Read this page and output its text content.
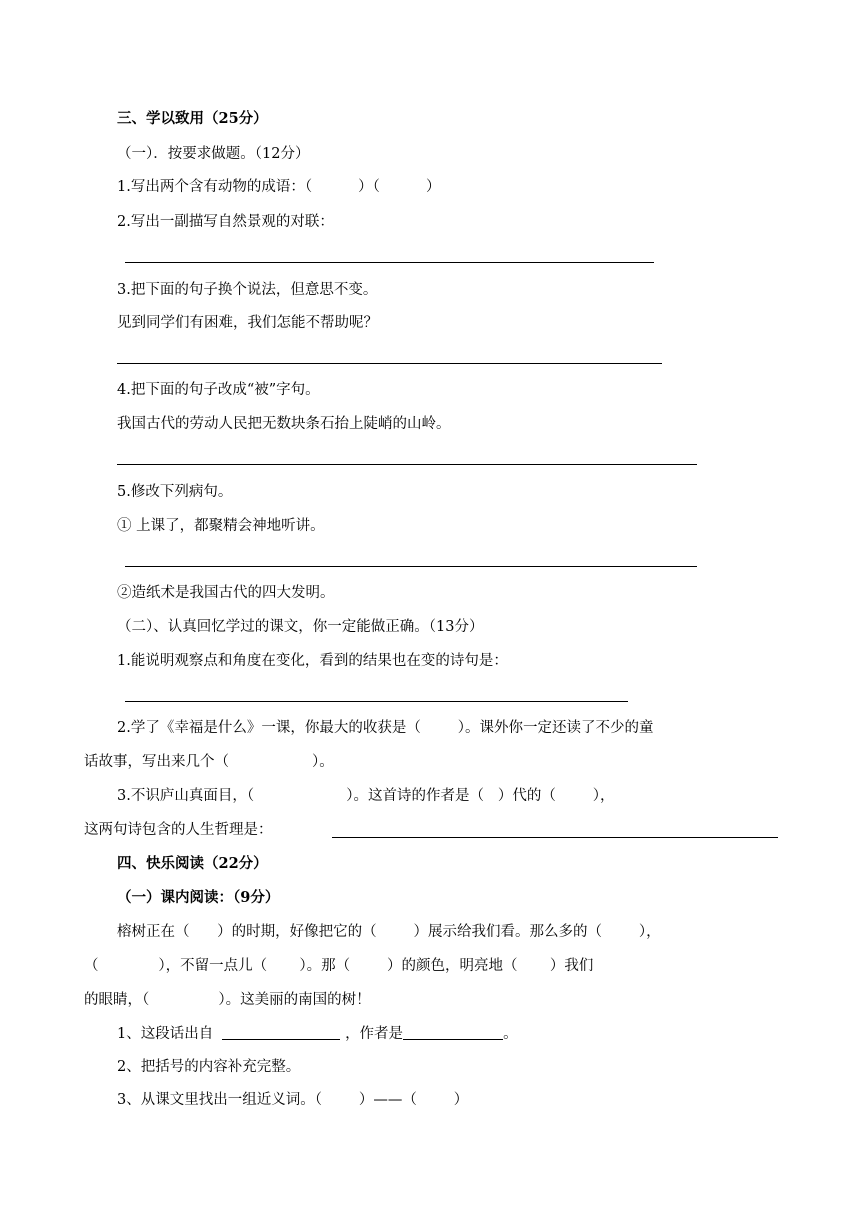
三、学以致用（25分）
（一）．按要求做题。（12分）
1.写出两个含有动物的成语：（          ）（          ）
2.写出一副描写自然景观的对联：
3.把下面的句子换个说法，但意思不变。
见到同学们有困难，我们怎能不帮助呢？
4.把下面的句子改成“被”字句。
我国古代的劳动人民把无数块条石抬上陡峭的山岭。
5.修改下列病句。
① 上课了，都聚精会神地听讲。
②造纸术是我国古代的四大发明。
（二）、认真回忆学过的课文，你一定能做正确。（13分）
1.能说明观察点和角度在变化，看到的结果也在变的诗句是：
2.学了《幸福是什么》一课，你最大的收获是（        ）。课外你一定还读了不少的童
话故事，写出来几个（                  ）。
3.不识庐山真面目，（                    ）。这首诗的作者是（   ）代的（        ），
这两句诗包含的人生哲理是：
四、快乐阅读（22分）
（一）课内阅读：（9分）
榕树正在（      ）的时期，好像把它的（        ）展示给我们看。那么多的（        ），
（             ），不留一点儿（       ）。那（        ）的颜色，明亮地（       ）我们
的眼睛，（               ）。这美丽的南国的树！
1、这段话出自	，作者是	。
2、把括号的内容补充完整。
3、从课文里找出一组近义词。（        ）——（        ）
